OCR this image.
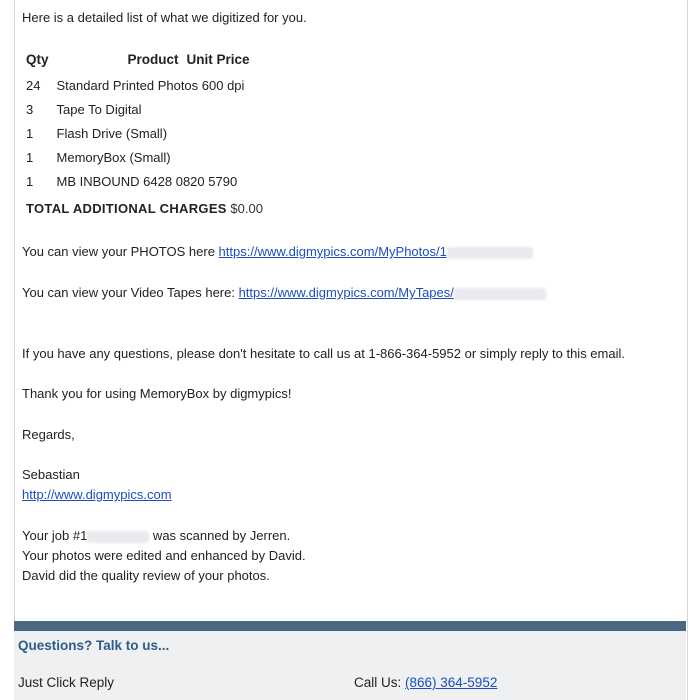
Here is a detailed list of what we digitized for you.
Qty	Product	Unit Price
24	Standard Printed Photos 600 dpi	
3	Tape To Digital	
1	Flash Drive (Small)	
1	MemoryBox (Small)	
1	MB INBOUND 6428 0820 5790	
TOTAL ADDITIONAL CHARGES $0.00
You can view your PHOTOS here https://www.digmypics.com/MyPhotos/1
You can view your Video Tapes here: https://www.digmypics.com/MyTapes/
If you have any questions, please don't hesitate to call us at 1-866-364-5952 or simply reply to this email.
Thank you for using MemoryBox by digmypics!
Regards,
Sebastian
http://www.digmypics.com
Your job #1	was scanned by Jerren.
Your photos were edited and enhanced by David.
David did the quality review of your photos.
Questions? Talk to us...
Just Click Reply	Call Us: (866) 364-5952
